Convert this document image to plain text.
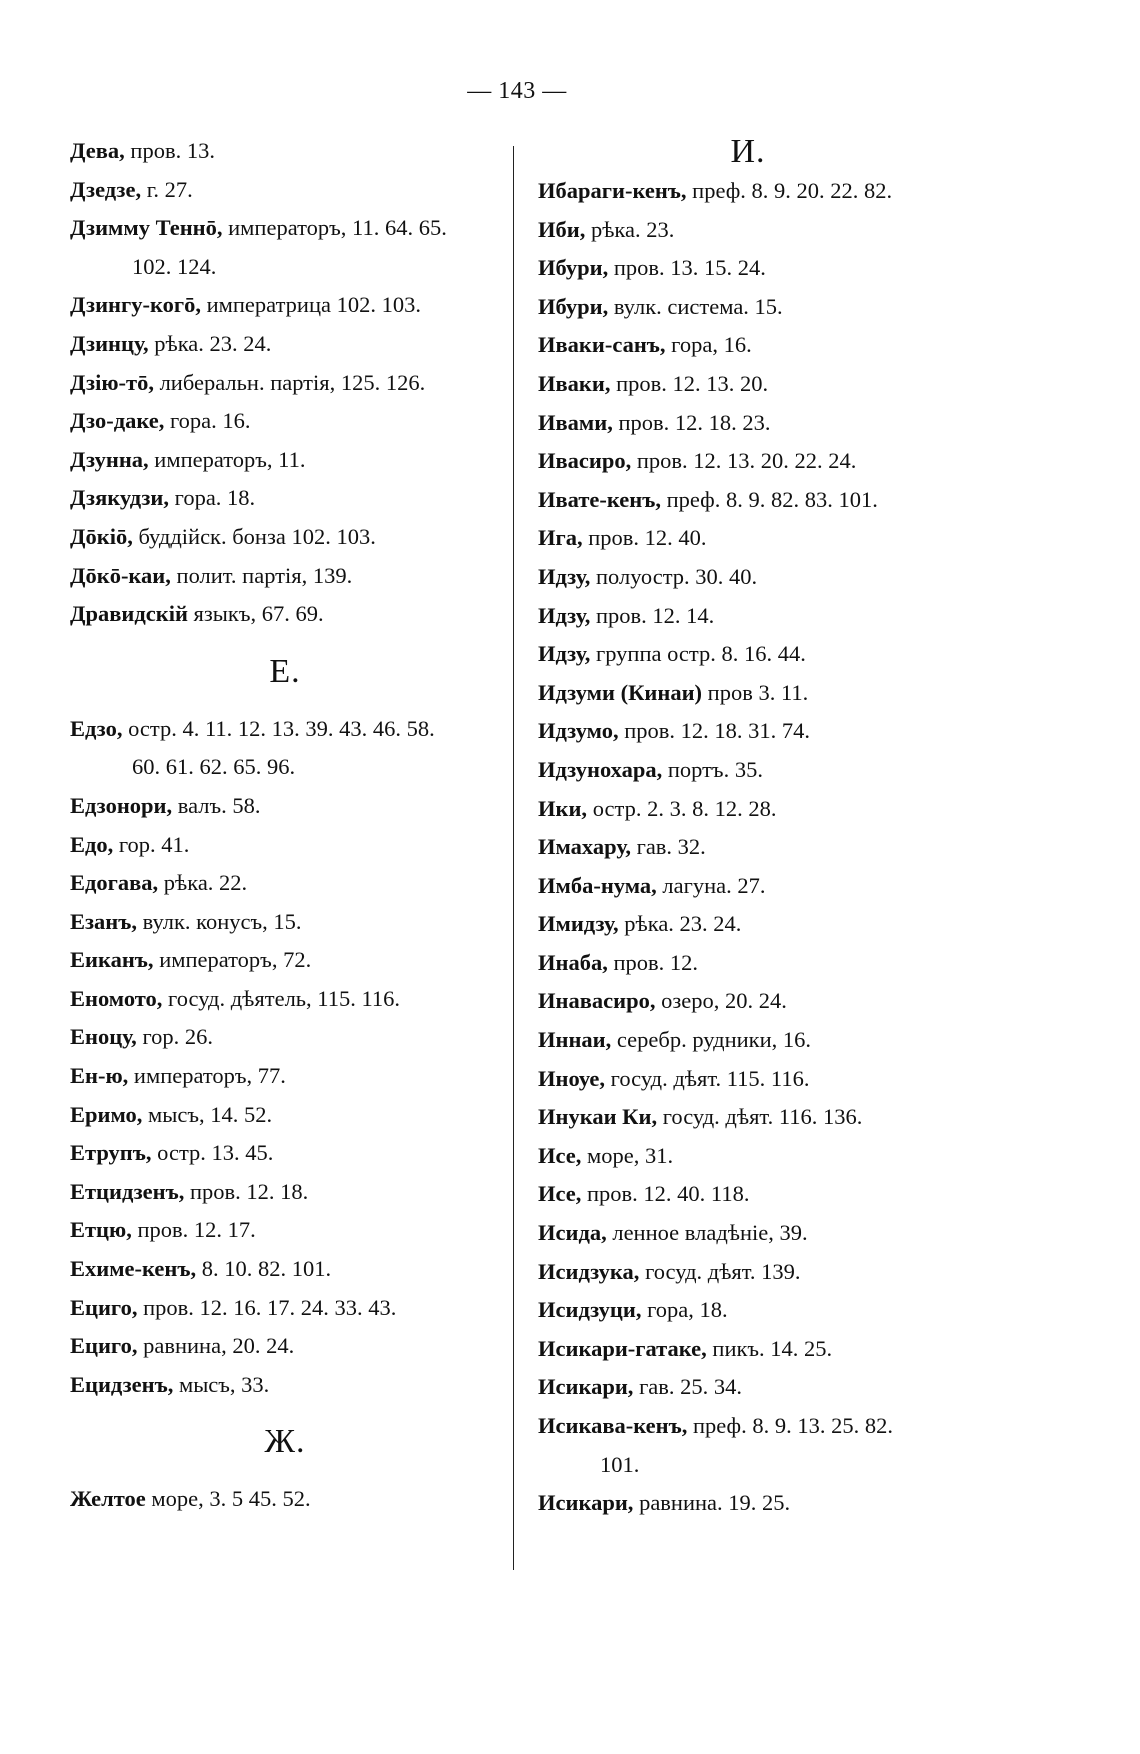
— 143 —
Дева, пров. 13.
Дзедзе, г. 27.
Дзимму Теннō, императоръ, 11. 64. 65.
102. 124.
Дзингу-когō, императрица 102. 103.
Дзинцу, рѣка. 23. 24.
Дзію-тō, либеральн. партія, 125. 126.
Дзо-даке, гора. 16.
Дзунна, императоръ, 11.
Дзякудзи, гора. 18.
Дōкiō, буддійск. бонза 102. 103.
Дōкō-каи, полит. партія, 139.
Дравидскій языкъ, 67. 69.
Е.
Едзо, остр. 4. 11. 12. 13. 39. 43. 46. 58.
60. 61. 62. 65. 96.
Едзонори, валъ. 58.
Едо, гор. 41.
Едогава, рѣка. 22.
Езанъ, вулк. конусъ, 15.
Еиканъ, императоръ, 72.
Еномото, госуд. дѣятель, 115. 116.
Еноцу, гор. 26.
Ен-ю, императоръ, 77.
Еримо, мысъ, 14. 52.
Етрупъ, остр. 13. 45.
Етцидзенъ, пров. 12. 18.
Етцю, пров. 12. 17.
Ехиме-кенъ, 8. 10. 82. 101.
Ециго, пров. 12. 16. 17. 24. 33. 43.
Ециго, равнина, 20. 24.
Ецидзенъ, мысъ, 33.
Ж.
Желтое море, 3. 5 45. 52.
И.
Ибараги-кенъ, преф. 8. 9. 20. 22. 82.
Иби, рѣка. 23.
Ибури, пров. 13. 15. 24.
Ибури, вулк. система. 15.
Иваки-санъ, гора, 16.
Иваки, пров. 12. 13. 20.
Ивами, пров. 12. 18. 23.
Ивасиро, пров. 12. 13. 20. 22. 24.
Ивате-кенъ, преф. 8. 9. 82. 83. 101.
Ига, пров. 12. 40.
Идзу, полуостр. 30. 40.
Идзу, пров. 12. 14.
Идзу, группа остр. 8. 16. 44.
Идзуми (Кинаи) пров 3. 11.
Идзумо, пров. 12. 18. 31. 74.
Идзунохара, портъ. 35.
Ики, остр. 2. 3. 8. 12. 28.
Имахару, гав. 32.
Имба-нума, лагуна. 27.
Имидзу, рѣка. 23. 24.
Инаба, пров. 12.
Инавасиро, озеро, 20. 24.
Иннаи, серебр. рудники, 16.
Иноуе, госуд. дѣят. 115. 116.
Инукаи Ки, госуд. дѣят. 116. 136.
Исе, море, 31.
Исе, пров. 12. 40. 118.
Исида, ленное владѣніе, 39.
Исидзука, госуд. дѣят. 139.
Исидзуци, гора, 18.
Исикари-гатаке, пикъ. 14. 25.
Исикари, гав. 25. 34.
Исикава-кенъ, преф. 8. 9. 13. 25. 82.
101.
Исикари, равнина. 19. 25.
